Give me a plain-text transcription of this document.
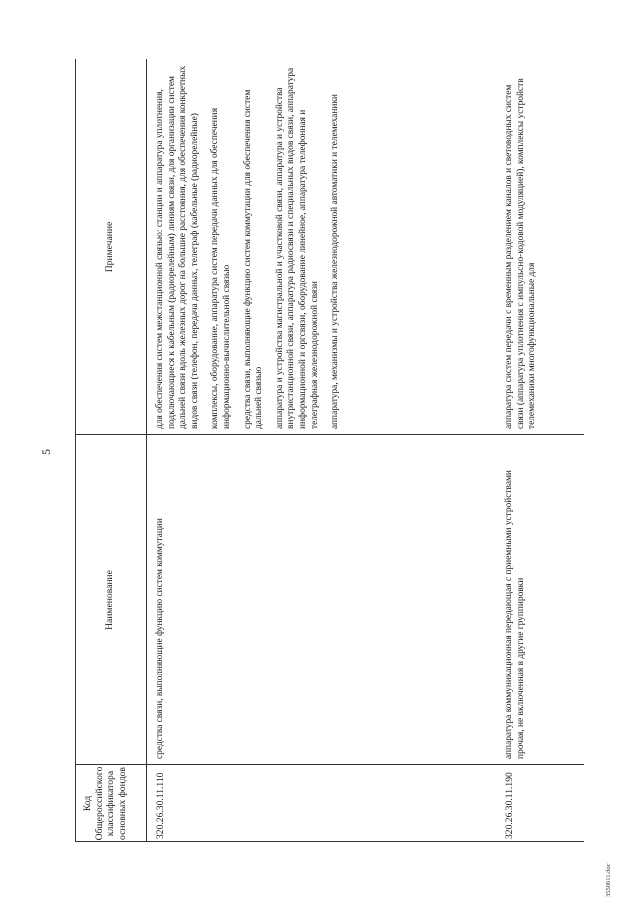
5
Код Общероссийского классификатора основных фондов
Наименование
Примечание
320.26.30.11.110

средства связи, выполняющие функцию систем коммутации

для обеспечения систем межстанционной связью: станции и аппаратура уплотнения, подключающиеся к кабельным (радиорелейным) линиям связи, для организации систем дальней связи вдоль железных дорог на большие расстояния, для обеспечения конкретных видов связи (телефон, передача данных, телеграф (кабельные (радиорелейные) комплексы, оборудование, аппаратура систем передачи данных для обеспечения информационно-вычислительной связью средства связи, выполняющие функцию систем коммутации для обеспечения систем дальней связью аппаратура и устройства магистральной и участковой связи, аппаратура и устройства внутристанционной связи, аппаратура радиосвязи и специальных видов связи, аппаратура информационной и оргсвязи, оборудование линейное, аппаратура телефонная и телеграфная железнодорожной связи аппаратура, механизмы и устройства железнодорожной автоматики и телемеханики

320.26.30.11.190

аппаратура коммуникационная передающая с приемными устройствами прочая, не включенная в другие группировки

аппаратура систем передачи с временным разделением каналов и световодных систем связи (аппаратура уплотнения с импульсно-кодовой модуляцией), комплексы устройств телемеханики многофункциональные для

3550611.doc
